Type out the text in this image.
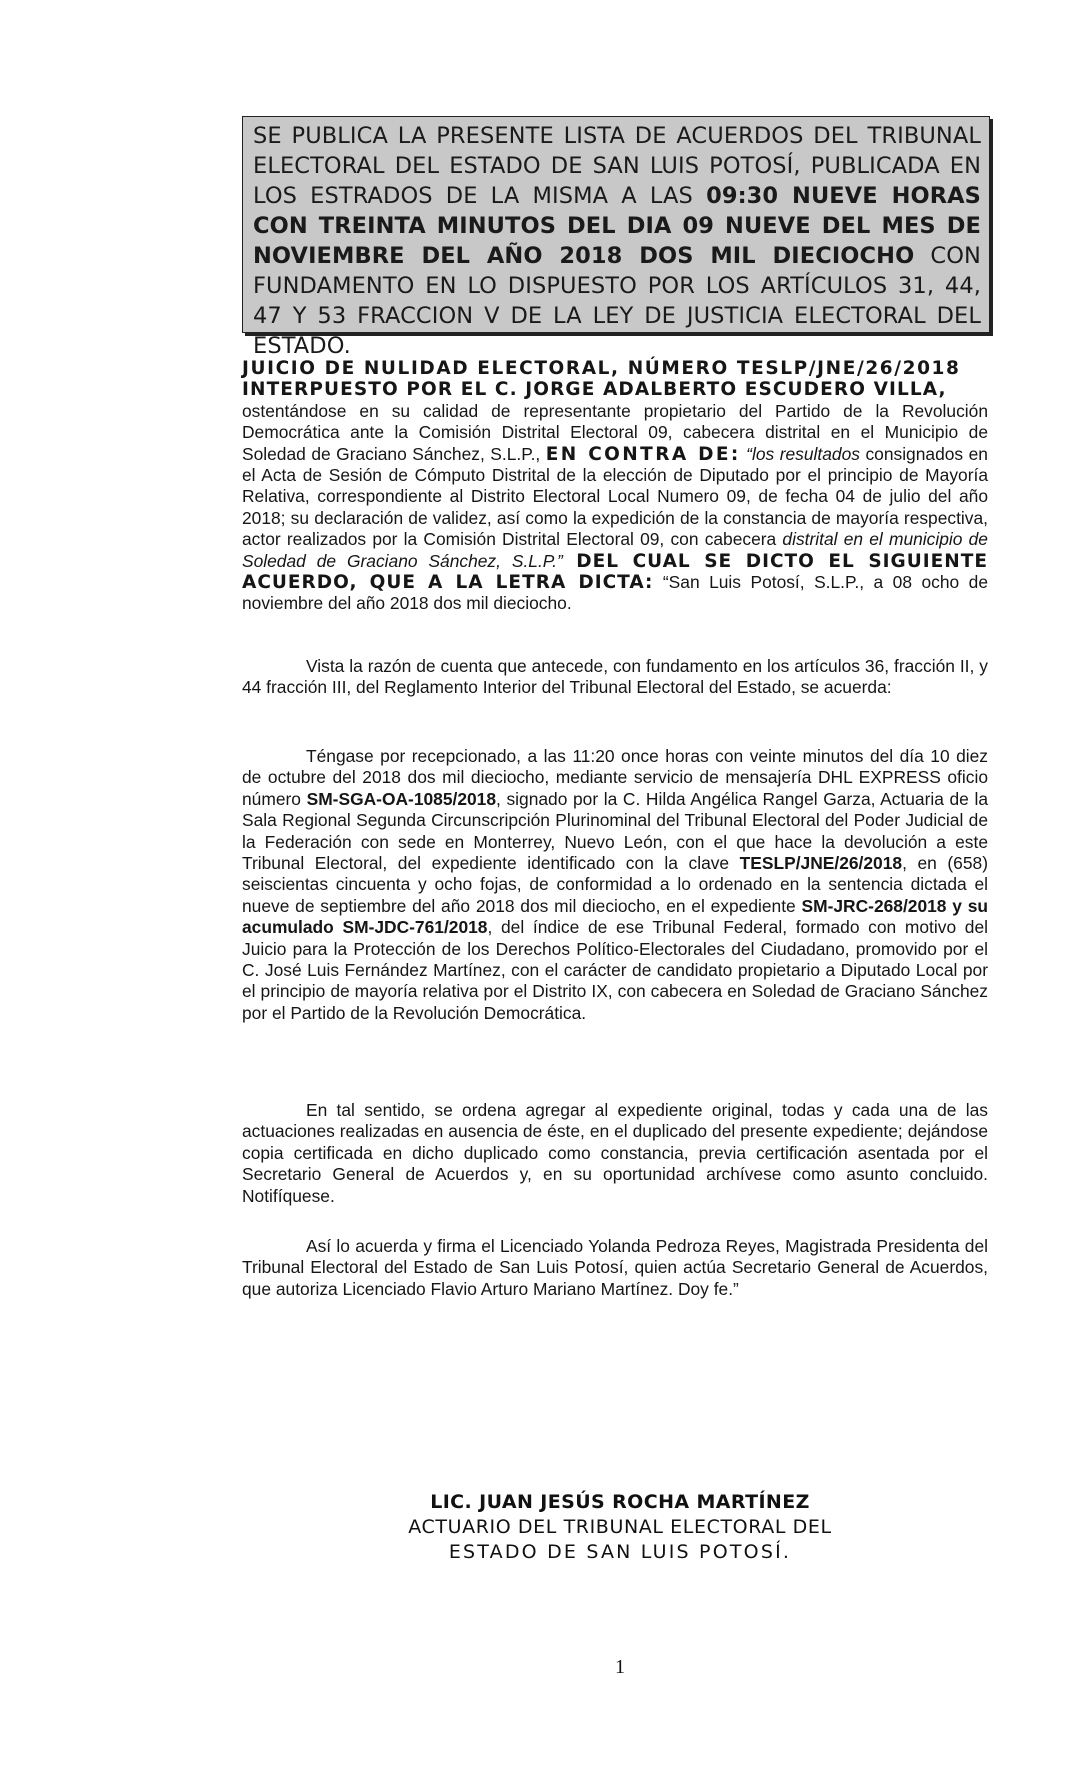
SE PUBLICA LA PRESENTE LISTA DE ACUERDOS DEL TRIBUNAL ELECTORAL DEL ESTADO DE SAN LUIS POTOSÍ, PUBLICADA EN LOS ESTRADOS DE LA MISMA A LAS 09:30 NUEVE HORAS CON TREINTA MINUTOS DEL DIA 09 NUEVE DEL MES DE NOVIEMBRE DEL AÑO 2018 DOS MIL DIECIOCHO CON FUNDAMENTO EN LO DISPUESTO POR LOS ARTÍCULOS 31, 44, 47 Y 53 FRACCION V DE LA LEY DE JUSTICIA ELECTORAL DEL ESTADO.
JUICIO DE NULIDAD ELECTORAL, NÚMERO TESLP/JNE/26/2018
INTERPUESTO POR EL C. JORGE ADALBERTO ESCUDERO VILLA,
ostentándose en su calidad de representante propietario del Partido de la Revolución Democrática ante la Comisión Distrital Electoral 09, cabecera distrital en el Municipio de Soledad de Graciano Sánchez, S.L.P., EN CONTRA DE: “los resultados consignados en el Acta de Sesión de Cómputo Distrital de la elección de Diputado por el principio de Mayoría Relativa, correspondiente al Distrito Electoral Local Numero 09, de fecha 04 de julio del año 2018; su declaración de validez, así como la expedición de la constancia de mayoría respectiva, actor realizados por la Comisión Distrital Electoral 09, con cabecera distrital en el municipio de Soledad de Graciano Sánchez, S.L.P.” DEL CUAL SE DICTO EL SIGUIENTE ACUERDO, QUE A LA LETRA DICTA: “San Luis Potosí, S.L.P., a 08 ocho de noviembre del año 2018 dos mil dieciocho.
Vista la razón de cuenta que antecede, con fundamento en los artículos 36, fracción II, y 44 fracción III, del Reglamento Interior del Tribunal Electoral del Estado, se acuerda:
Téngase por recepcionado, a las 11:20 once horas con veinte minutos del día 10 diez de octubre del 2018 dos mil dieciocho, mediante servicio de mensajería DHL EXPRESS oficio número SM-SGA-OA-1085/2018, signado por la C. Hilda Angélica Rangel Garza, Actuaria de la Sala Regional Segunda Circunscripción Plurinominal del Tribunal Electoral del Poder Judicial de la Federación con sede en Monterrey, Nuevo León, con el que hace la devolución a este Tribunal Electoral, del expediente identificado con la clave TESLP/JNE/26/2018, en (658) seiscientas cincuenta y ocho fojas, de conformidad a lo ordenado en la sentencia dictada el nueve de septiembre del año 2018 dos mil dieciocho, en el expediente SM-JRC-268/2018 y su acumulado SM-JDC-761/2018, del índice de ese Tribunal Federal, formado con motivo del Juicio para la Protección de los Derechos Político-Electorales del Ciudadano, promovido por el C. José Luis Fernández Martínez, con el carácter de candidato propietario a Diputado Local por el principio de mayoría relativa por el Distrito IX, con cabecera en Soledad de Graciano Sánchez por el Partido de la Revolución Democrática.
En tal sentido, se ordena agregar al expediente original, todas y cada una de las actuaciones realizadas en ausencia de éste, en el duplicado del presente expediente; dejándose copia certificada en dicho duplicado como constancia, previa certificación asentada por el Secretario General de Acuerdos y, en su oportunidad archívese como asunto concluido. Notifíquese.
Así lo acuerda y firma el Licenciado Yolanda Pedroza Reyes, Magistrada Presidenta del Tribunal Electoral del Estado de San Luis Potosí, quien actúa Secretario General de Acuerdos, que autoriza Licenciado Flavio Arturo Mariano Martínez. Doy fe.”
LIC. JUAN JESÚS ROCHA MARTÍNEZ
ACTUARIO DEL TRIBUNAL ELECTORAL DEL
ESTADO DE SAN LUIS POTOSÍ.
1
